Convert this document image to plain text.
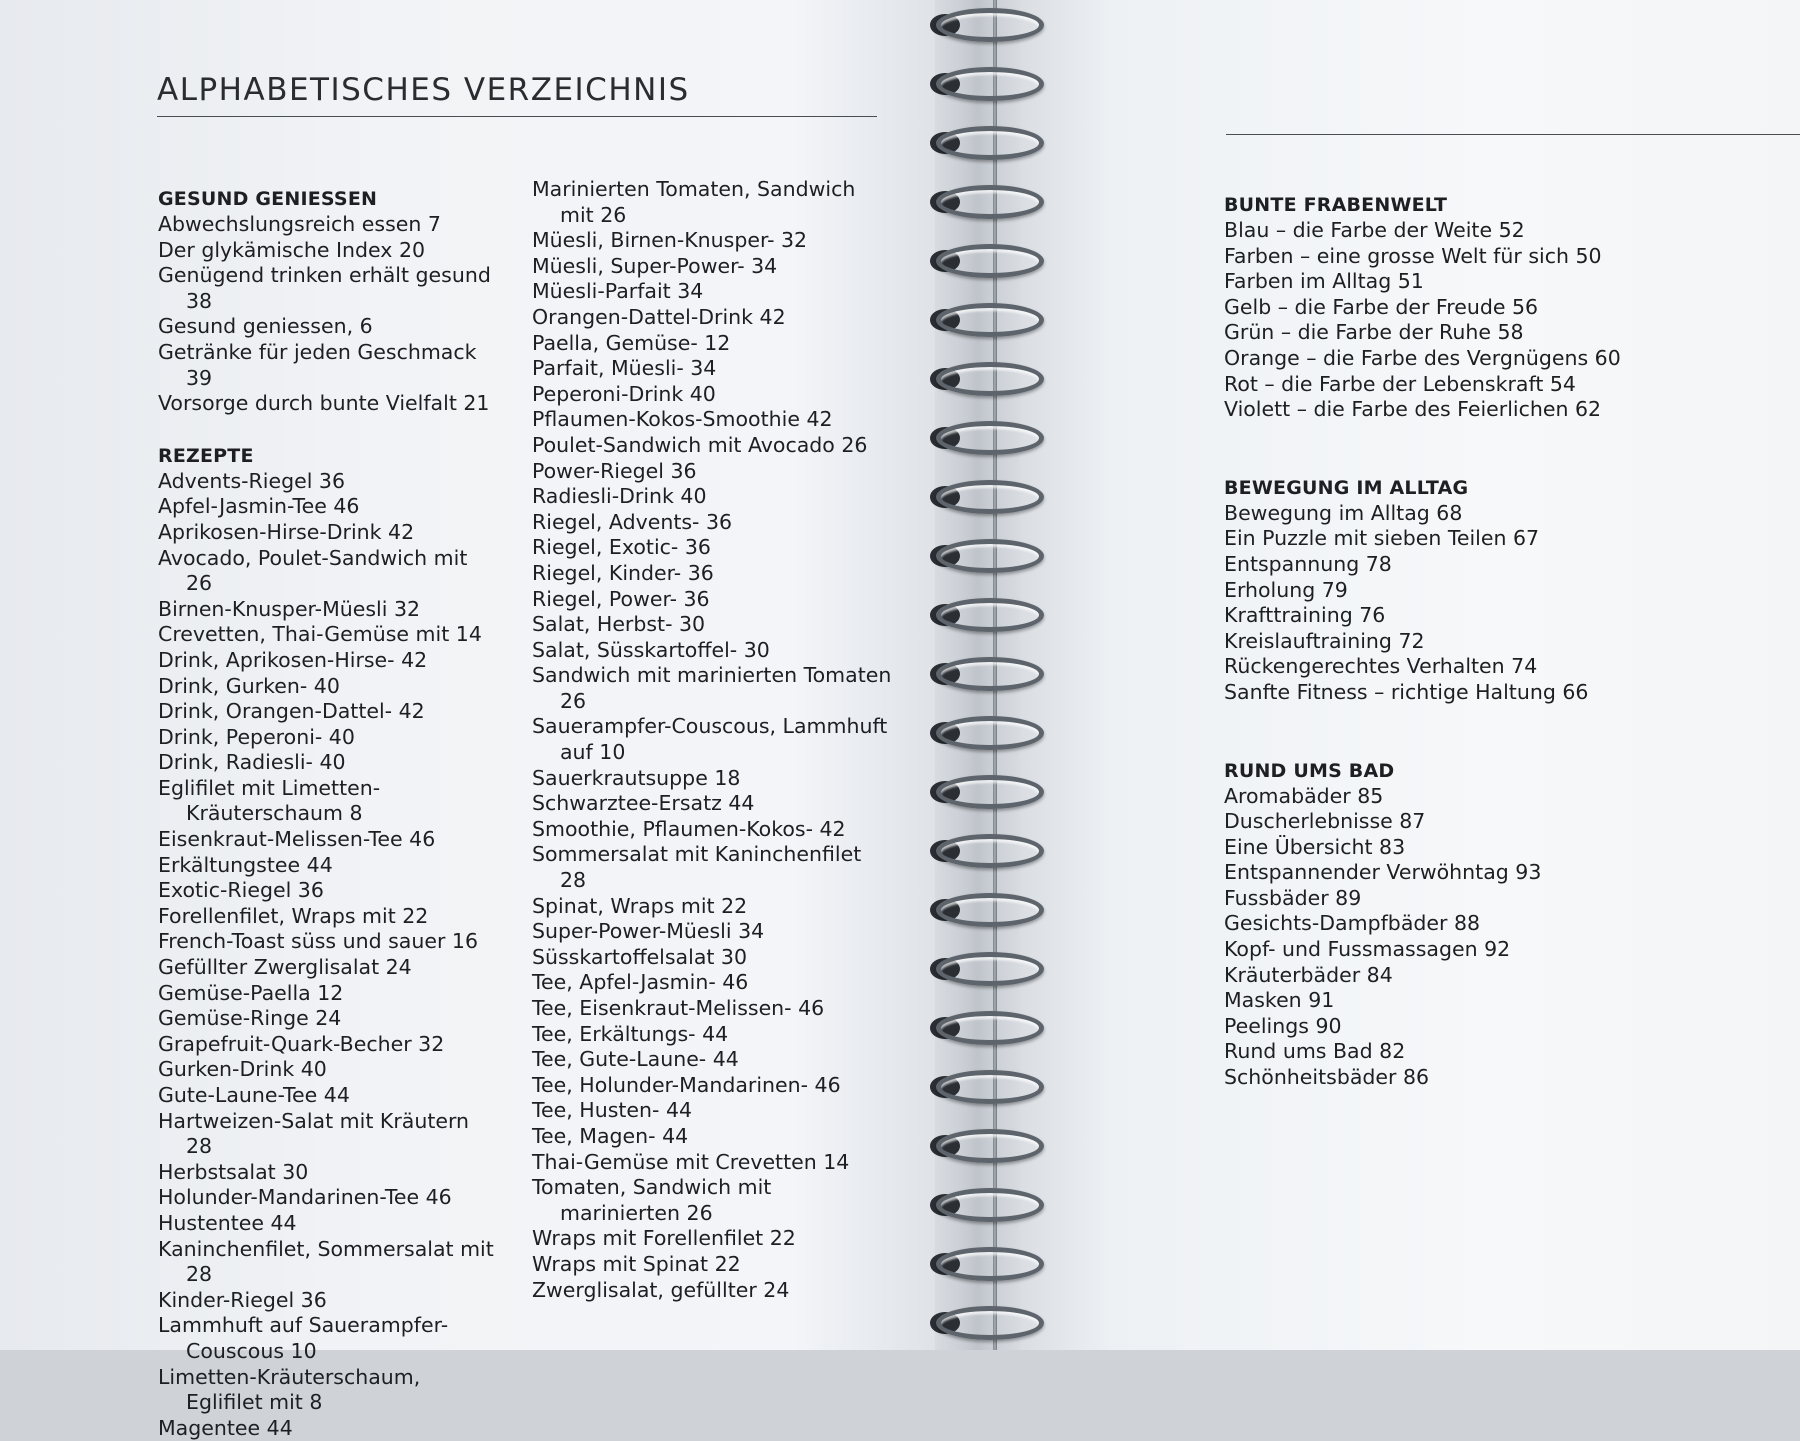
ALPHABETISCHES VERZEICHNIS
GESUND GENIESSEN
Abwechslungsreich essen 7
Der glykämische Index 20
Genügend trinken erhält gesund 38
Gesund geniessen, 6
Getränke für jeden Geschmack 39
Vorsorge durch bunte Vielfalt 21
REZEPTE
Advents-Riegel 36
Apfel-Jasmin-Tee 46
Aprikosen-Hirse-Drink 42
Avocado, Poulet-Sandwich mit 26
Birnen-Knusper-Müesli 32
Crevetten, Thai-Gemüse mit 14
Drink, Aprikosen-Hirse- 42
Drink, Gurken- 40
Drink, Orangen-Dattel- 42
Drink, Peperoni- 40
Drink, Radiesli- 40
Eglifilet mit Limetten-Kräuterschaum 8
Eisenkraut-Melissen-Tee 46
Erkältungstee 44
Exotic-Riegel 36
Forellenfilet, Wraps mit 22
French-Toast süss und sauer 16
Gefüllter Zwerglisalat 24
Gemüse-Paella 12
Gemüse-Ringe 24
Grapefruit-Quark-Becher 32
Gurken-Drink 40
Gute-Laune-Tee 44
Hartweizen-Salat mit Kräutern 28
Herbstsalat 30
Holunder-Mandarinen-Tee 46
Hustentee 44
Kaninchenfilet, Sommersalat mit 28
Kinder-Riegel 36
Lammhuft auf Sauerampfer-Couscous 10
Limetten-Kräuterschaum, Eglifilet mit 8
Magentee 44
Marinierten Tomaten, Sandwich mit 26
Müesli, Birnen-Knusper- 32
Müesli, Super-Power- 34
Müesli-Parfait 34
Orangen-Dattel-Drink 42
Paella, Gemüse- 12
Parfait, Müesli- 34
Peperoni-Drink 40
Pflaumen-Kokos-Smoothie 42
Poulet-Sandwich mit Avocado 26
Power-Riegel 36
Radiesli-Drink 40
Riegel, Advents- 36
Riegel, Exotic- 36
Riegel, Kinder- 36
Riegel, Power- 36
Salat, Herbst- 30
Salat, Süsskartoffel- 30
Sandwich mit marinierten Tomaten 26
Sauerampfer-Couscous, Lammhuft auf 10
Sauerkrautsuppe 18
Schwarztee-Ersatz 44
Smoothie, Pflaumen-Kokos- 42
Sommersalat mit Kaninchenfilet 28
Spinat, Wraps mit 22
Super-Power-Müesli 34
Süsskartoffelsalat 30
Tee, Apfel-Jasmin- 46
Tee, Eisenkraut-Melissen- 46
Tee, Erkältungs- 44
Tee, Gute-Laune- 44
Tee, Holunder-Mandarinen- 46
Tee, Husten- 44
Tee, Magen- 44
Thai-Gemüse mit Crevetten 14
Tomaten, Sandwich mit marinierten 26
Wraps mit Forellenfilet 22
Wraps mit Spinat 22
Zwerglisalat, gefüllter 24
BUNTE FRABENWELT
Blau – die Farbe der Weite 52
Farben – eine grosse Welt für sich 50
Farben im Alltag 51
Gelb – die Farbe der Freude 56
Grün – die Farbe der Ruhe 58
Orange – die Farbe des Vergnügens 60
Rot – die Farbe der Lebenskraft 54
Violett – die Farbe des Feierlichen 62
BEWEGUNG IM ALLTAG
Bewegung im Alltag 68
Ein Puzzle mit sieben Teilen 67
Entspannung 78
Erholung 79
Krafttraining 76
Kreislauftraining 72
Rückengerechtes Verhalten 74
Sanfte Fitness – richtige Haltung 66
RUND UMS BAD
Aromabäder 85
Duscherlebnisse 87
Eine Übersicht 83
Entspannender Verwöhntag 93
Fussbäder 89
Gesichts-Dampfbäder 88
Kopf- und Fussmassagen 92
Kräuterbäder 84
Masken 91
Peelings 90
Rund ums Bad 82
Schönheitsbäder 86
